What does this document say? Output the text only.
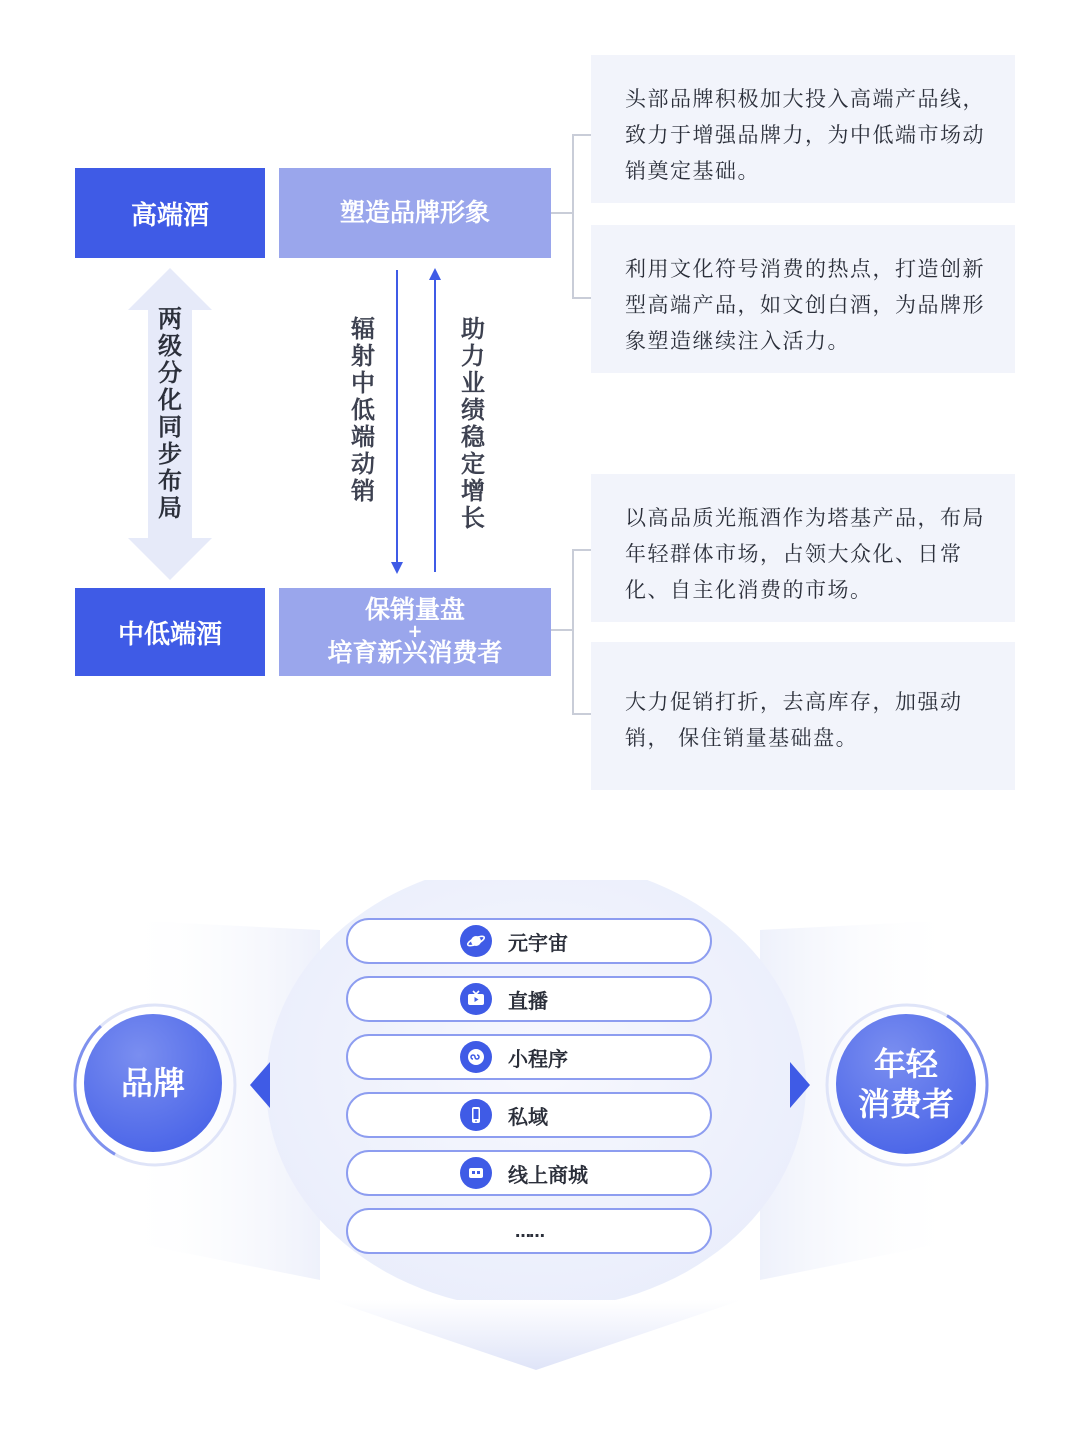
高端酒	塑造品牌形象
中低端酒
保销量盘
+
培育新兴消费者
两级分化 同步布局
辐射中低端动销
助力业绩稳定增长
头部品牌积极加大投入高端产品线，致力于增强品牌力，为中低端市场动销奠定基础。
利用文化符号消费的热点，打造创新型高端产品，如文创白酒，为品牌形象塑造继续注入活力。
以高品质光瓶酒作为塔基产品，布局年轻群体市场，占领大众化、日常化、自主化消费的市场。
大力促销打折，去高库存，加强动销， 保住销量基础盘。
品牌	年轻
消费者
元宇宙
直播
小程序
私域
线上商城
……
